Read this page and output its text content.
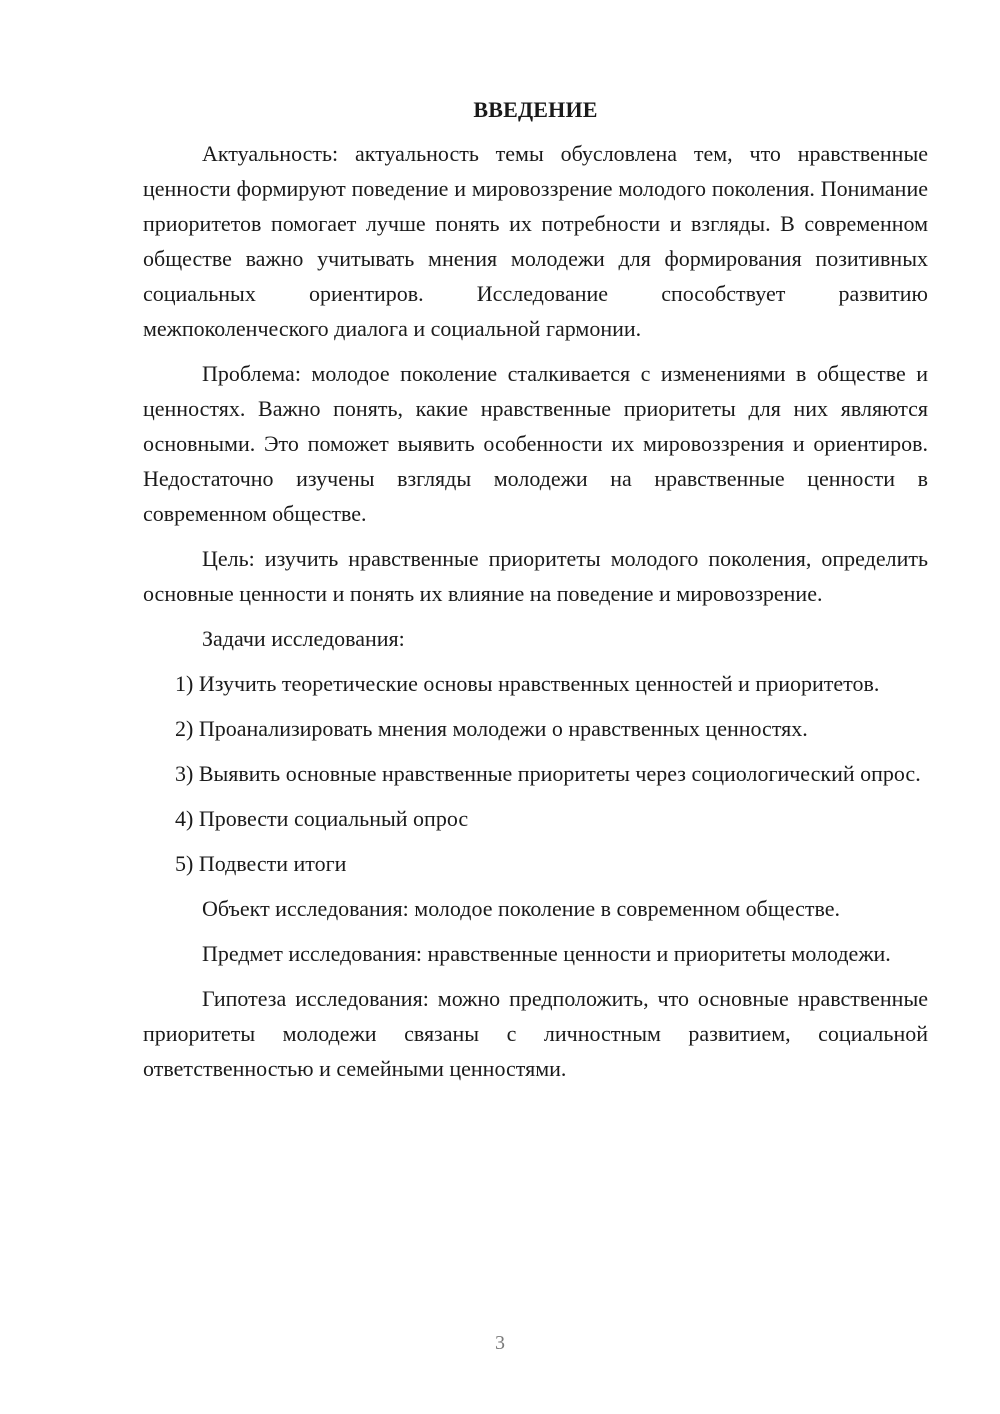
ВВЕДЕНИЕ

Актуальность: актуальность темы обусловлена тем, что нравственные ценности формируют поведение и мировоззрение молодого поколения. Понимание приоритетов помогает лучше понять их потребности и взгляды. В современном обществе важно учитывать мнения молодежи для формирования позитивных социальных ориентиров. Исследование способствует развитию межпоколенческого диалога и социальной гармонии.

Проблема: молодое поколение сталкивается с изменениями в обществе и ценностях. Важно понять, какие нравственные приоритеты для них являются основными. Это поможет выявить особенности их мировоззрения и ориентиров. Недостаточно изучены взгляды молодежи на нравственные ценности в современном обществе.

Цель: изучить нравственные приоритеты молодого поколения, определить основные ценности и понять их влияние на поведение и мировоззрение.

Задачи исследования:

1) Изучить теоретические основы нравственных ценностей и приоритетов.

2) Проанализировать мнения молодежи о нравственных ценностях.

3) Выявить основные нравственные приоритеты через социологический опрос.

4) Провести социальный опрос

5) Подвести итоги

Объект исследования: молодое поколение в современном обществе.

Предмет исследования: нравственные ценности и приоритеты молодежи.

Гипотеза исследования: можно предположить, что основные нравственные приоритеты молодежи связаны с личностным развитием, социальной ответственностью и семейными ценностями.

3
